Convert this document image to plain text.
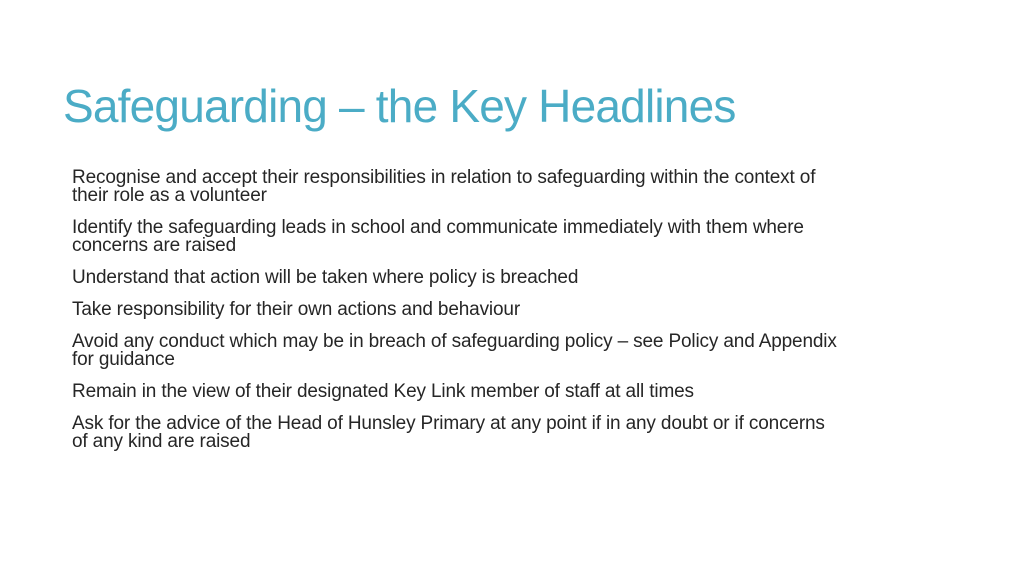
Safeguarding – the Key Headlines
Recognise and accept their responsibilities in relation to safeguarding within the context of
their role as a volunteer
Identify the safeguarding leads in school and communicate immediately with them where
concerns are raised
Understand that action will be taken where policy is breached
Take responsibility for their own actions and behaviour
Avoid any conduct which may be in breach of safeguarding policy – see Policy and Appendix
for guidance
Remain in the view of their designated Key Link member of staff at all times
Ask for the advice of the Head of Hunsley Primary at any point if in any doubt or if concerns
of any kind are raised
